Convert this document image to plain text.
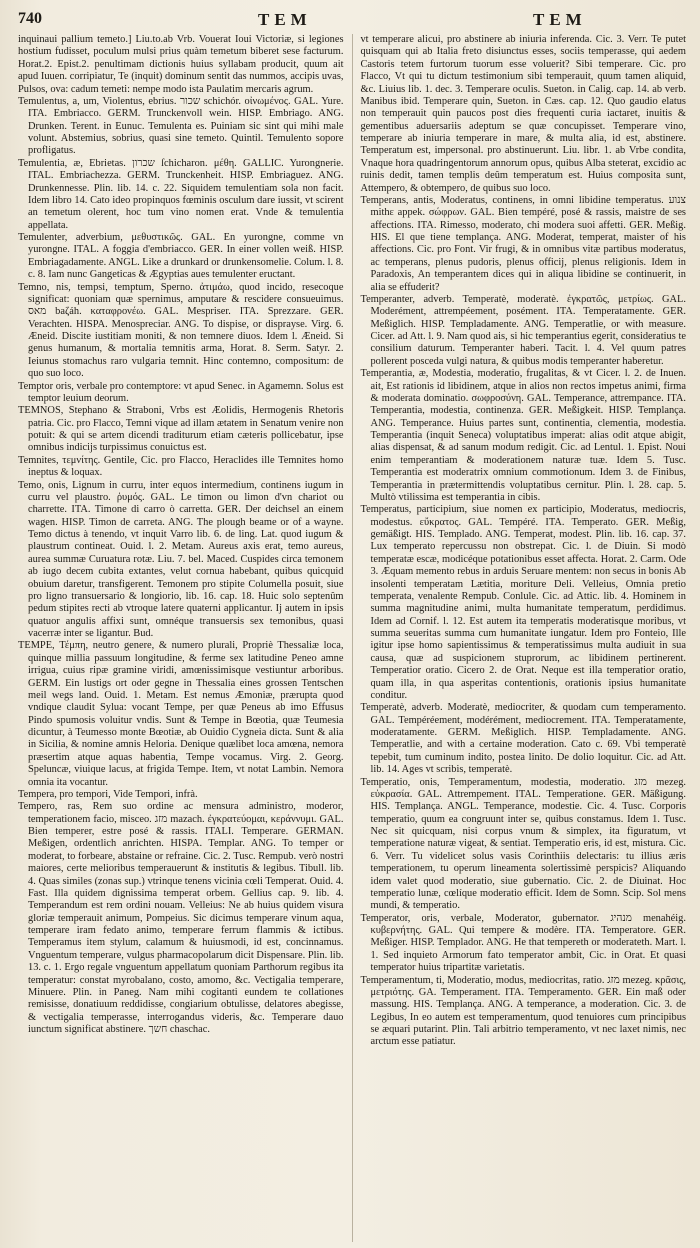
740	TEM	TEM

inquinaui pallium temeto.] Liu.to.ab Vrb. Vouerat Ioui Victoriæ, si legiones hostium fudisset, poculum mulsi prius quàm temetum biberet sese facturum. Horat.2. Epist.2. penultimam dictionis huius syllabam producit, quum ait apud Iuuen. corripiatur, Te (inquit) dominum sentit das nummos, accipis uvas, Pulsos, ova: cadum temeti: nempe modo ista Paulatim mercaris agrum.

Temulentus, a, um, Violentus, ebrius. שכור schichór. οἰνωμένος. GAL. Yure. ITA. Embriacco. GERM. Trunckenvoll wein. HISP. Embriago. ANG. Drunken. Terent. in Eunuc. Temulenta es. Puiniam sic sint qui mihi male volunt. Abstemius, sobrius, quasi sine temeto. Quintil. Temulento sopore profligatus.

Temulentia, æ, Ebrietas. שכרון ſchicharon. μέθη. GALLIC. Yurongnerie. ITAL. Embriachezza. GERM. Trunckenheit. HISP. Embriaguez. ANG. Drunkennesse. Plin. lib. 14. c. 22. Siquidem temulentiam sola non facit. Idem libro 14. Cato ideo propinquos fœminis osculum dare iussit, vt scirent an temetum olerent, hoc tum vino nomen erat. Vnde & temulentia appellata.

Temulenter, adverbium, μεθυστικῶς. GAL. En yurongne, comme vn yurongne. ITAL. A foggia d'embriacco. GER. In einer vollen weiß. HISP. Embriagadamente. ANGL. Like a drunkard or drunkensomelie. Colum. l. 8. c. 8. Iam nunc Gangeticas & Ægyptias aues temulenter eructant.

Temno, nis, tempsi, temptum, Sperno. ἀτιμάω, quod incido, resecoque significat: quoniam quæ spernimus, amputare & rescidere consueuimus. מאס baζáh. καταφρονέω. GAL. Mespriser. ITA. Sprezzare. GER. Verachten. HISPA. Menospreciar. ANG. To dispise, or disprayse. Virg. 6. Æneid. Discite iustitiam moniti, & non temnere diuos. Idem l. Æneid. Si genus humanum, & mortalia temnitis arma, Horat. 8. Serm. Satyr. 2. Ieiunus stomachus raro vulgaria temnit. Hinc contemno, compositum: de quo suo loco.

Temptor oris, verbale pro contemptore: vt apud Senec. in Agamemn. Solus est temptor leuium deorum.

TEMNOS, Stephano & Straboni, Vrbs est Æolidis, Hermogenis Rhetoris patria. Cic. pro Flacco, Temni vique ad illam ætatem in Senatum venire non potuit: & qui se artem dicendi traditurum etiam cæteris pollicebatur, ipse omnibus indicijs turpissimus conuictus est.

Temnites, τεμνίτης. Gentile, Cic. pro Flacco, Heraclides ille Temnites homo ineptus & loquax.

Temo, onis, Lignum in curru, inter equos intermedium, continens iugum in curru vel plaustro. ῥυμός. GAL. Le timon ou limon d'vn chariot ou charrette. ITA. Timone di carro ò carretta. GER. Der deichsel an einem wagen. HISP. Timon de carreta. ANG. The plough beame or of a wayne. Temo dictus à tenendo, vt inquit Varro lib. 6. de ling. Lat. quod iugum & plaustrum contineat. Ouid. l. 2. Metam. Aureus axis erat, temo aureus, aurea summæ Curuatura rotæ. Liu. 7. bel. Maced. Cuspides circa temonem ab iugo decem cubita extantes, velut cornua habebant, quibus quicquid obuium daretur, transfigerent. Temonem pro stipite Columella posuit, siue pro ligno transuersario & longiorio, lib. 16. cap. 18. Huic solo septenûm pedum stipites recti ab vtroque latere quaterni applicantur. Ij autem in ipsis quatuor angulis affixi sunt, omnéque transuersis sex temonibus, quasi vacerræ inter se ligantur. Bud.

TEMPE, Τέμπη, neutro genere, & numero plurali, Propriè Thessaliæ loca, quinque millia passuum longitudine, & ferme sex latitudine Peneo amne irrigua, cuius ripæ gramine viridi, amœnissimisque vestiuntur arboribus. GERM. Ein lustigs ort oder gegne in Thessalia eines grossen Tentschen meil wegs land. Ouid. 1. Metam. Est nemus Æmoniæ, prærupta quod vndique claudit Sylua: vocant Tempe, per quæ Peneus ab imo Effusus Pindo spumosis voluitur vndis. Sunt & Tempe in Bœotia, quæ Teumesia dicuntur, à Teumesso monte Bœotiæ, ab Ouidio Cygneia dicta. Sunt & alia in Sicilia, & nomine amnis Heloria. Denique quælibet loca amœna, nemora præsertim atque aquas habentia, Tempe vocamus. Virg. 2. Georg. Speluncæ, viuique lacus, at frigida Tempe. Item, vt notat Lambin. Nemora omnia ita vocantur.

Tempera, pro tempori, Vide Tempori, infrà.

Tempero, ras, Rem suo ordine ac mensura administro, moderor, temperationem facio, misceo. מזג mazach. ἐγκρατεύομαι, κεράννυμι. GAL. Bien temperer, estre posé & rassis. ITALI. Temperare. GERMAN. Meßigen, ordentlich anrichten. HISPA. Templar. ANG. To temper or moderat, to forbeare, abstaine or refraine. Cic. 2. Tusc. Rempub. verò nostri maiores, certe melioribus temperauerunt & institutis & legibus. Tibull. lib. 4. Quas similes (zonas sup.) vtrinque tenens vicinia cœli Temperat. Ouid. 4. Fast. Illa quidem dignissima temperat orbem. Gellius cap. 9. lib. 4. Temperandum est rem ordini nouam. Velleius: Ne ab huius quidem visura gloriæ temperauit animum, Pompeius. Sic dicimus temperare vinum aqua, temperare iram fedato animo, temperare ferrum flammis & ictibus. Temperamus item stylum, calamum & huiusmodi, id est, concinnamus. Vnguentum temperare, vulgus pharmacopolarum dicit Dispensare. Plin. lib. 13. c. 1. Ergo regale vnguentum appellatum quoniam Parthorum regibus ita temperatur: constat myrobalano, costo, amomo, &c. Vectigalia temperare, Minuere. Plin. in Paneg. Nam mihi cogitanti eundem te collationes remisisse, donatiuum reddidisse, congiarium obtulisse, delatores abegisse, & vectigalia temperasse, interrogandus videris, &c. Temperare dauo iunctum significat abstinere. חשך chaschac.

vt temperare alicui, pro abstinere ab iniuria inferenda. Cic. 3. Verr. Te putet quisquam qui ab Italia freto disiunctus esses, sociis temperasse, qui aedem Castoris tetem furtorum tuorum esse voluerit? Sibi temperare. Cic. pro Flacco, Vt qui tu dictum testimonium sibi temperauit, quum tamen aliquid, &c. Liuius lib. 1. dec. 3. Temperare oculis. Sueton. in Calig. cap. 14. ab verb. Manibus ibid. Temperare quin, Sueton. in Cæs. cap. 12. Quo gaudio elatus non temperauit quin paucos post dies frequenti curia iactaret, inuitis & gementibus aduersariis adeptum se quæ concupisset. Temperare vino, temperare ab iniuria temperare in mare, & multa alia, id est, abstinere. Temperatum est, impersonal. pro abstinuerunt. Liu. libr. 1. ab Vrbe condita, Vnaque hora quadringentorum annorum opus, quibus Alba steterat, excidio ac ruinis dedit, tamen templis deûm temperatum est. Huius composita sunt, Attempero, & obtempero, de quibus suo loco.

Temperans, antis, Moderatus, continens, in omni libidine temperatus. צנוע mithε appek. σώφρων. GAL. Bien tempéré, posé & rassis, maistre de ses affections. ITA. Rimesso, moderato, chi modera suoi affetti. GER. Meßig. HIS. El que tiene templança. ANG. Moderat, temperat, maister of his affections. Cic. pro Font. Vir frugi, & in omnibus vitæ partibus moderatus, ac temperans, plenus pudoris, plenus officij, plenus religionis. Idem in Paradoxis, An temperantem dices qui in aliqua libidine se continuerit, in alia se effuderit?

Temperanter, adverb. Temperatè, moderatè. ἐγκρατῶς, μετρίως. GAL. Moderément, attrempéement, posément. ITA. Temperatamente. GER. Meßiglich. HISP. Templadamente. ANG. Temperatlie, or with measure. Cicer. ad Att. l. 9. Nam quod ais, si hic temperantius egerit, consideratius te consilium daturum. Temperanter haberi. Tacit. l. 4. Vel quum patres pollerent posceda vulgi natura, & quibus modis temperanter haberetur.

Temperantia, æ, Modestia, moderatio, frugalitas, & vt Cicer. l. 2. de Inuen. ait, Est rationis id libidinem, atque in alios non rectos impetus animi, firma & moderata dominatio. σωφροσύνη. GAL. Temperance, attrempance. ITA. Temperantia, modestia, continenza. GER. Meßigkeit. HISP. Templança. ANG. Temperance. Huius partes sunt, continentia, clementia, modestia. Temperantia (inquit Seneca) voluptatibus imperat: alias odit atque abigit, alias dispensat, & ad sanum modum redigit. Cic. ad Lentul. 1. Epist. Noui enim temperantiam & moderationem naturæ tuæ. Idem 5. Tusc. Temperantia est moderatrix omnium commotionum. Idem 3. de Finibus, Temperantia in prætermittendis voluptatibus cernitur. Plin. l. 28. cap. 5. Multò vtilissima est temperantia in cibis.

Temperatus, participium, siue nomen ex participio, Moderatus, mediocris, modestus. εὔκρατος. GAL. Tempéré. ITA. Temperato. GER. Meßig, gemäßigt. HIS. Templado. ANG. Temperat, modest. Plin. lib. 16. cap. 37. Lux temperato repercussu non obstrepat. Cic. l. de Diuin. Si modò temperatæ escæ, modicéque potationibus esset affecta. Horat. 2. Carm. Ode 3. Æquam memento rebus in arduis Seruare mentem: non secus in bonis Ab insolenti temperatam Lætitia, moriture Deli. Velleius, Omnia pretio temperata, venalente Rempub. Conlule. Cic. ad Attic. lib. 4. Hominem in summa magnitudine animi, multa humanitate temperatum, perdidimus. Idem ad Cornif. l. 12. Est autem ita temperatis moderatisque moribus, vt summa seueritas summa cum humanitate iungatur. Idem pro Fonteio, Ille igitur ipse homo sapientissimus & temperatissimus multa audiuit in sua causa, quæ ad suspicionem stuprorum, ac libidinem pertinerent. Temperatior oratio. Cicero 2. de Orat. Neque est illa temperatior oratio, quam illa, in qua asperitas contentionis, orationis ipsius humanitate conditur.

Temperatè, adverb. Moderatè, mediocriter, & quodam cum temperamento. GAL. Tempéréement, modérément, mediocrement. ITA. Temperatamente, moderatamente. GERM. Meßiglich. HISP. Templadamente. ANG. Temperatlie, and with a certaine moderation. Cato c. 69. Vbi temperatè tepebit, tum cuminum indito, postea linito. De dolio loquitur. Cic. ad Att. lib. 14. Ages vt scribis, temperatè.

Temperatio, onis, Temperamentum, modestia, moderatio. מזג mezeg. εὐκρασία. GAL. Attrempement. ITAL. Temperatione. GER. Mäßigung. HIS. Templança. ANGL. Temperance, modestie. Cic. 4. Tusc. Corporis temperatio, quum ea congruunt inter se, quibus constamus. Idem 1. Tusc. Nec sit quicquam, nisi corpus vnum & simplex, ita figuratum, vt temperatione naturæ vigeat, & sentiat. Temperatio eris, id est, mistura. Cic. 6. Verr. Tu videlicet solus vasis Corinthiis delectaris: tu illius æris temperationem, tu operum lineamenta solertissimè perspicis? Aliquando idem valet quod moderatio, siue gubernatio. Cic. 2. de Diuinat. Hoc temperatio lunæ, cœlíque moderatio efficit. Idem de Somn. Scip. Sol mens mundi, & temperatio.

Temperator, oris, verbale, Moderator, gubernator. מנהיג menahéig. κυβερνήτης. GAL. Qui tempere & modère. ITA. Temperatore. GER. Meßiger. HISP. Templador. ANG. He that tempereth or moderateth. Mart. l. 1. Sed inquieto Armorum fato temperator ambit, Cic. in Orat. Et quasi temperator huius tripartitæ varietatis.

Temperamentum, ti, Moderatio, modus, mediocritas, ratio. מזג mezeg. κρᾶσις, μετριότης. GA. Temperament. ITA. Temperamento. GER. Ein maß oder massung. HIS. Templança. ANG. A temperance, a moderation. Cic. 3. de Legibus, In eo autem est temperamentum, quod tenuiores cum principibus se æquari putarint. Plin. Tali arbitrio temperamento, vt nec laxet nimis, nec arctum esse patiatur.
